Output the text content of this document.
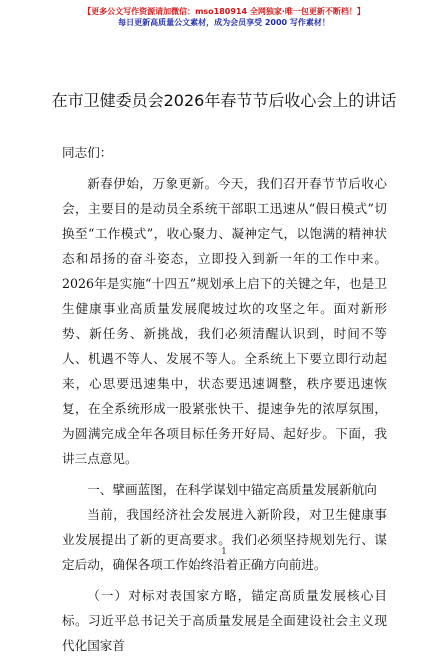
【更多公文写作资源请加微信：mso180914 全网独家·唯一包更新不断档！】
每日更新高质量公文素材，成为会员享受 2000 写作素材！
在市卫健委员会2026年春节节后收心会上的讲话

同志们：

新春伊始，万象更新。今天，我们召开春节节后收心会，主要目的是动员全系统干部职工迅速从“假日模式”切换至“工作模式”，收心聚力、凝神定气，以饱满的精神状态和昂扬的奋斗姿态，立即投入到新一年的工作中来。2026年是实施“十四五”规划承上启下的关键之年，也是卫生健康事业高质量发展爬坡过坎的攻坚之年。面对新形势、新任务、新挑战，我们必须清醒认识到，时间不等人、机遇不等人、发展不等人。全系统上下要立即行动起来，心思要迅速集中，状态要迅速调整，秩序要迅速恢复，在全系统形成一股紧张快干、提速争先的浓厚氛围，为圆满完成全年各项目标任务开好局、起好步。下面，我讲三点意见。

一、擘画蓝图，在科学谋划中锚定高质量发展新航向

当前，我国经济社会发展进入新阶段，对卫生健康事业发展提出了新的更高要求。我们必须坚持规划先行、谋定后动，确保各项工作始终沿着正确方向前进。

（一）对标对表国家方略，锚定高质量发展核心目标。习近平总书记关于高质量发展是全面建设社会主义现代化国家首

1
